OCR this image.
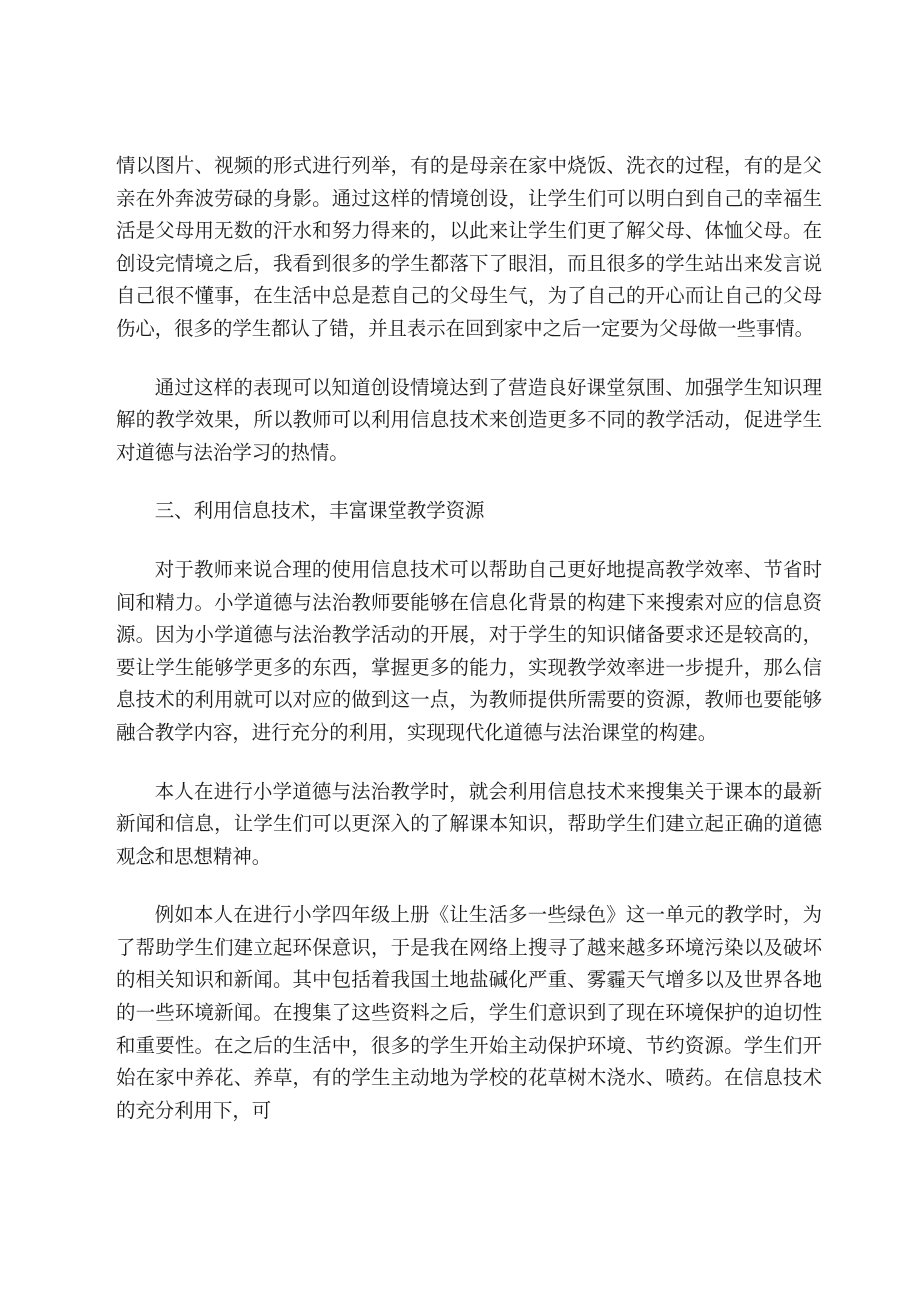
情以图片、视频的形式进行列举，有的是母亲在家中烧饭、洗衣的过程，有的是父亲在外奔波劳碌的身影。通过这样的情境创设，让学生们可以明白到自己的幸福生活是父母用无数的汗水和努力得来的，以此来让学生们更了解父母、体恤父母。在创设完情境之后，我看到很多的学生都落下了眼泪，而且很多的学生站出来发言说自己很不懂事，在生活中总是惹自己的父母生气，为了自己的开心而让自己的父母伤心，很多的学生都认了错，并且表示在回到家中之后一定要为父母做一些事情。

通过这样的表现可以知道创设情境达到了营造良好课堂氛围、加强学生知识理解的教学效果，所以教师可以利用信息技术来创造更多不同的教学活动，促进学生对道德与法治学习的热情。

三、利用信息技术，丰富课堂教学资源

对于教师来说合理的使用信息技术可以帮助自己更好地提高教学效率、节省时间和精力。小学道德与法治教师要能够在信息化背景的构建下来搜索对应的信息资源。因为小学道德与法治教学活动的开展，对于学生的知识储备要求还是较高的，要让学生能够学更多的东西，掌握更多的能力，实现教学效率进一步提升，那么信息技术的利用就可以对应的做到这一点，为教师提供所需要的资源，教师也要能够融合教学内容，进行充分的利用，实现现代化道德与法治课堂的构建。

本人在进行小学道德与法治教学时，就会利用信息技术来搜集关于课本的最新新闻和信息，让学生们可以更深入的了解课本知识，帮助学生们建立起正确的道德观念和思想精神。

例如本人在进行小学四年级上册《让生活多一些绿色》这一单元的教学时，为了帮助学生们建立起环保意识，于是我在网络上搜寻了越来越多环境污染以及破坏的相关知识和新闻。其中包括着我国土地盐碱化严重、雾霾天气增多以及世界各地的一些环境新闻。在搜集了这些资料之后，学生们意识到了现在环境保护的迫切性和重要性。在之后的生活中，很多的学生开始主动保护环境、节约资源。学生们开始在家中养花、养草，有的学生主动地为学校的花草树木浇水、喷药。在信息技术的充分利用下，可
